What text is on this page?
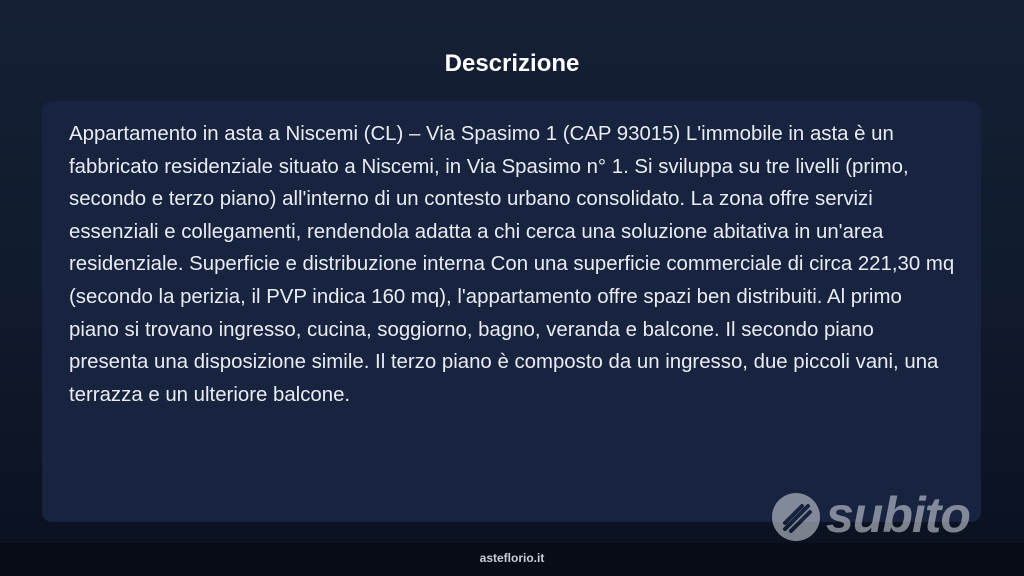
Descrizione

Appartamento in asta a Niscemi (CL) – Via Spasimo 1 (CAP 93015) L'immobile in asta è un fabbricato residenziale situato a Niscemi, in Via Spasimo n° 1. Si sviluppa su tre livelli (primo, secondo e terzo piano) all'interno di un contesto urbano consolidato. La zona offre servizi essenziali e collegamenti, rendendola adatta a chi cerca una soluzione abitativa in un'area residenziale. Superficie e distribuzione interna Con una superficie commerciale di circa 221,30 mq (secondo la perizia, il PVP indica 160 mq), l'appartamento offre spazi ben distribuiti. Al primo piano si trovano ingresso, cucina, soggiorno, bagno, veranda e balcone. Il secondo piano presenta una disposizione simile. Il terzo piano è composto da un ingresso, due piccoli vani, una terrazza e un ulteriore balcone.

subito
asteflorio.it
